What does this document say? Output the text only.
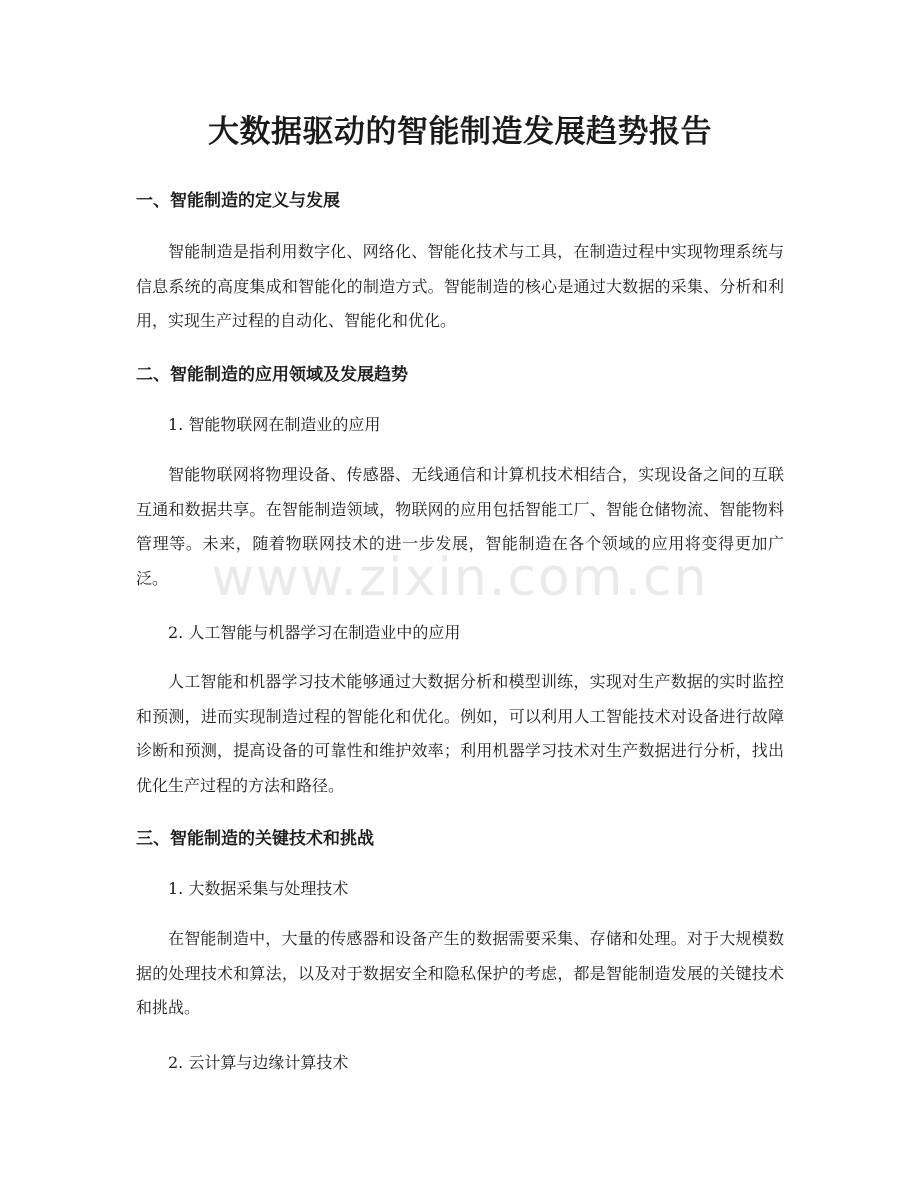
大数据驱动的智能制造发展趋势报告
一、智能制造的定义与发展
智能制造是指利用数字化、网络化、智能化技术与工具，在制造过程中实现物理系统与信息系统的高度集成和智能化的制造方式。智能制造的核心是通过大数据的采集、分析和利用，实现生产过程的自动化、智能化和优化。
二、智能制造的应用领域及发展趋势
1. 智能物联网在制造业的应用
智能物联网将物理设备、传感器、无线通信和计算机技术相结合，实现设备之间的互联互通和数据共享。在智能制造领域，物联网的应用包括智能工厂、智能仓储物流、智能物料管理等。未来，随着物联网技术的进一步发展，智能制造在各个领域的应用将变得更加广泛。
2. 人工智能与机器学习在制造业中的应用
人工智能和机器学习技术能够通过大数据分析和模型训练，实现对生产数据的实时监控和预测，进而实现制造过程的智能化和优化。例如，可以利用人工智能技术对设备进行故障诊断和预测，提高设备的可靠性和维护效率；利用机器学习技术对生产数据进行分析，找出优化生产过程的方法和路径。
三、智能制造的关键技术和挑战
1. 大数据采集与处理技术
在智能制造中，大量的传感器和设备产生的数据需要采集、存储和处理。对于大规模数据的处理技术和算法，以及对于数据安全和隐私保护的考虑，都是智能制造发展的关键技术和挑战。
2. 云计算与边缘计算技术
www.zixin.com.cn
